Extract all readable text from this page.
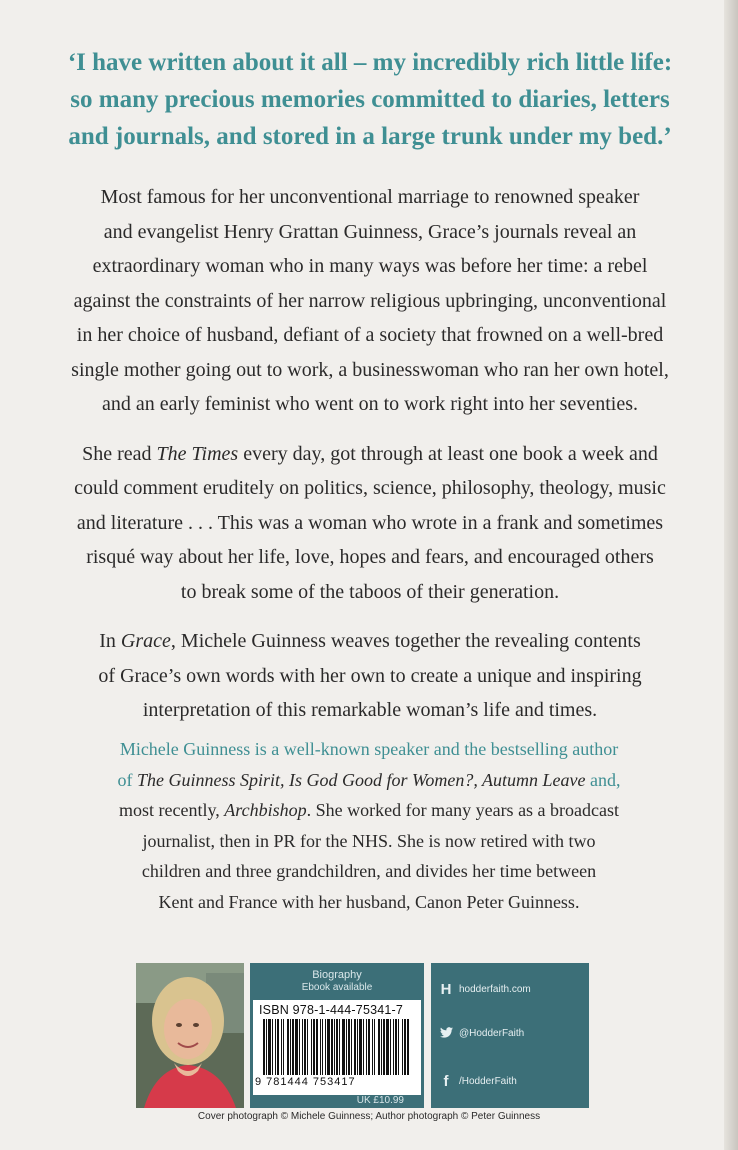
‘I have written about it all – my incredibly rich little life:

so many precious memories committed to diaries, letters

and journals, and stored in a large trunk under my bed.’

Most famous for her unconventional marriage to renowned speaker
and evangelist Henry Grattan Guinness, Grace’s journals reveal an
extraordinary woman who in many ways was before her time: a rebel
against the constraints of her narrow religious upbringing, unconventional
in her choice of husband, defiant of a society that frowned on a well-bred
single mother going out to work, a businesswoman who ran her own hotel,
and an early feminist who went on to work right into her seventies.

She read The Times every day, got through at least one book a week and
could comment eruditely on politics, science, philosophy, theology, music
and literature . . . This was a woman who wrote in a frank and sometimes
risqué way about her life, love, hopes and fears, and encouraged others
to break some of the taboos of their generation.

In Grace, Michele Guinness weaves together the revealing contents
of Grace’s own words with her own to create a unique and inspiring
interpretation of this remarkable woman’s life and times.

Michele Guinness is a well-known speaker and the bestselling author
of The Guinness Spirit, Is God Good for Women?, Autumn Leave and,
most recently, Archbishop. She worked for many years as a broadcast
journalist, then in PR for the NHS. She is now retired with two
children and three grandchildren, and divides her time between
Kent and France with her husband, Canon Peter Guinness.
Biography
Ebook available
ISBN 978-1-444-75341-7
9 781444 753417
UK £10.99
H hodderfaith.com
@HodderFaith
f	/HodderFaith
Cover photograph © Michele Guinness; Author photograph © Peter Guinness
